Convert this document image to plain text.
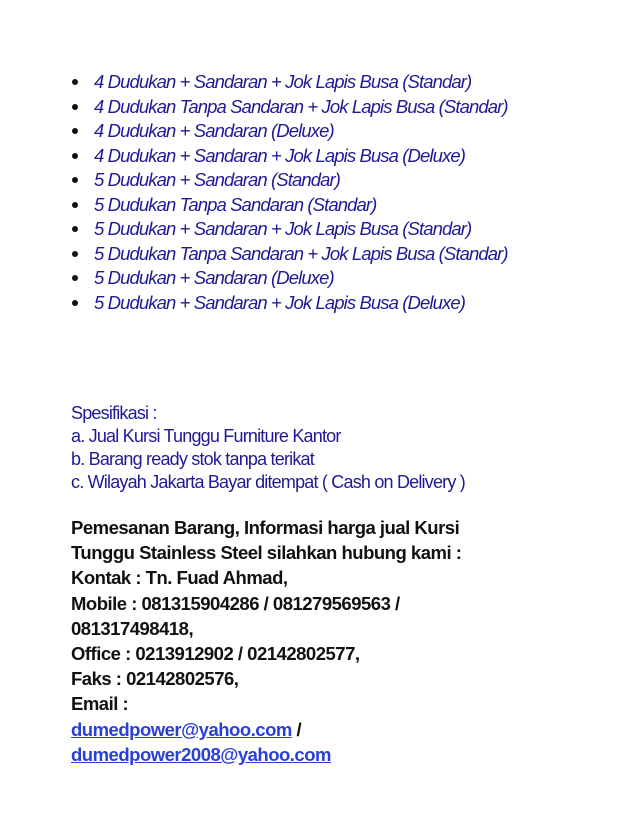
4 Dudukan + Sandaran + Jok Lapis Busa (Standar)
4 Dudukan Tanpa Sandaran + Jok Lapis Busa (Standar)
4 Dudukan + Sandaran (Deluxe)
4 Dudukan + Sandaran + Jok Lapis Busa (Deluxe)
5 Dudukan + Sandaran (Standar)
5 Dudukan Tanpa Sandaran (Standar)
5 Dudukan + Sandaran + Jok Lapis Busa (Standar)
5 Dudukan Tanpa Sandaran + Jok Lapis Busa (Standar)
5 Dudukan + Sandaran (Deluxe)
5 Dudukan + Sandaran + Jok Lapis Busa (Deluxe)
Spesifikasi :
a. Jual Kursi Tunggu Furniture Kantor
b. Barang ready stok tanpa terikat
c. Wilayah Jakarta Bayar ditempat ( Cash on Delivery )
Pemesanan Barang, Informasi harga jual Kursi
Tunggu Stainless Steel silahkan hubung kami :
Kontak : Tn. Fuad Ahmad,
Mobile : 081315904286 / 081279569563 /
081317498418,
Office : 0213912902 / 02142802577,
Faks : 02142802576,
Email :
dumedpower@yahoo.com /
dumedpower2008@yahoo.com
